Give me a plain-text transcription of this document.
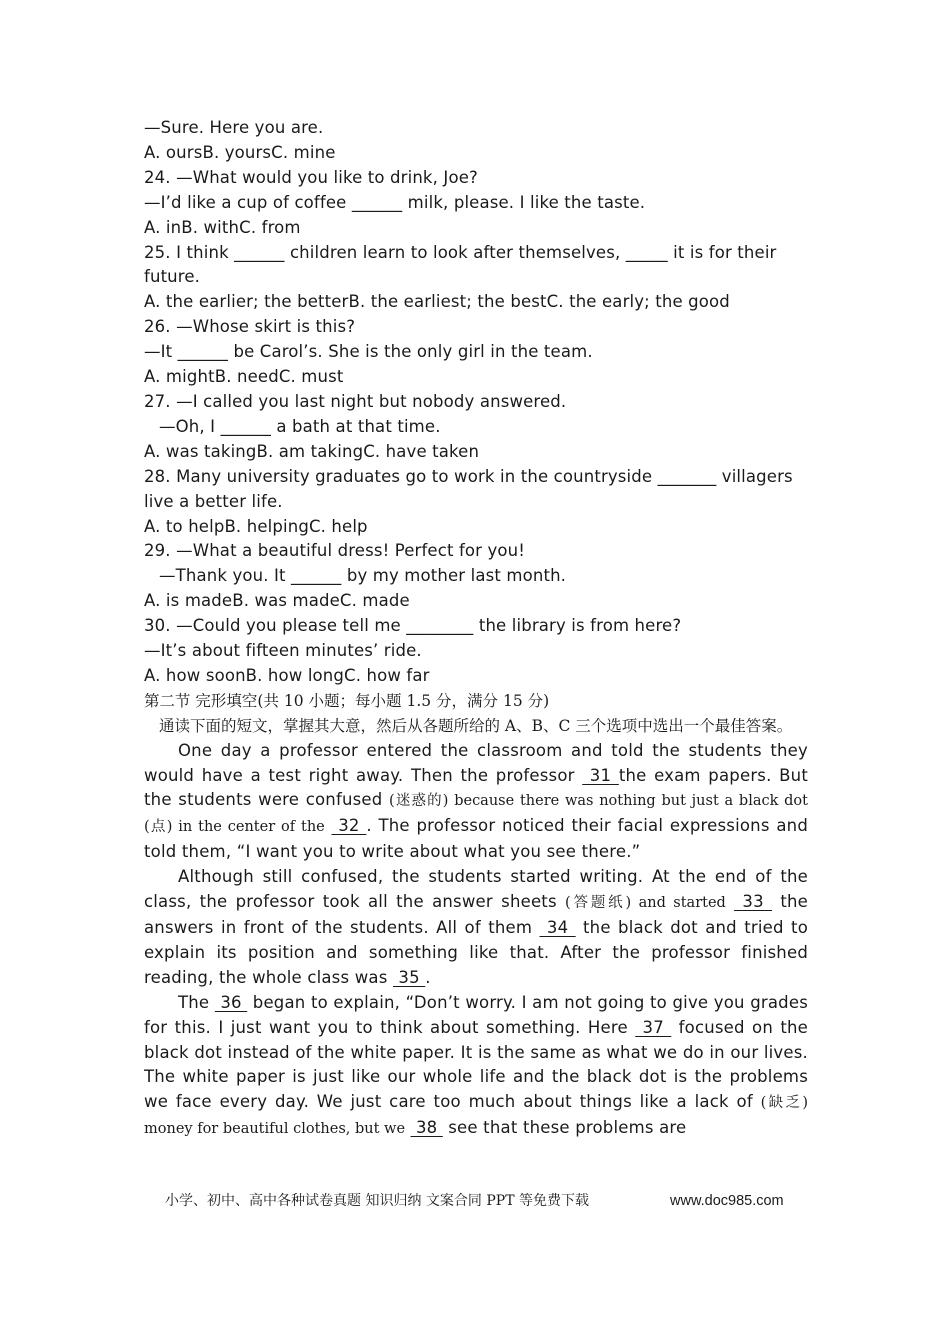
—Sure. Here you are.
A. oursB. yoursC. mine
24. —What would you like to drink, Joe?
—I’d like a cup of coffee ______ milk, please. I like the taste.
A. inB. withC. from
25. I think ______ children learn to look after themselves, _____ it is for their
future.
A. the earlier; the betterB. the earliest; the bestC. the early; the good
26. —Whose skirt is this?
—It ______ be Carol’s. She is the only girl in the team.
A. mightB. needC. must
27. —I called you last night but nobody answered.
—Oh, I ______ a bath at that time.
A. was takingB. am takingC. have taken
28. Many university graduates go to work in the countryside _______ villagers
live a better life.
A. to helpB. helpingC. help
29. —What a beautiful dress! Perfect for you!
—Thank you. It ______ by my mother last month.
A. is madeB. was madeC. made
30. —Could you please tell me ________ the library is from here?
—It’s about fifteen minutes’ ride.
A. how soonB. how longC. how far
第二节 完形填空(共 10 小题；每小题 1.5 分，满分 15 分)
通读下面的短文，掌握其大意，然后从各题所给的 A、B、C 三个选项中选出一个最佳答案。
One day a professor entered the classroom and told the students they would have a test right away. Then the professor  31 the exam papers. But the students were confused (迷惑的) because there was nothing but just a black dot (点) in the center of the  32 . The professor noticed their facial expressions and told them, “I want you to write about what you see there.”
Although still confused, the students started writing. At the end of the class, the professor took all the answer sheets (答题纸) and started  33  the answers in front of the students. All of them  34  the black dot and tried to explain its position and something like that. After the professor finished reading, the whole class was  35 .
The  36  began to explain, “Don’t worry. I am not going to give you grades for this. I just want you to think about something. Here  37  focused on the black dot instead of the white paper. It is the same as what we do in our lives. The white paper is just like our whole life and the black dot is the problems we face every day. We just care too much about things like a lack of (缺乏) money for beautiful clothes, but we  38  see that these problems are
小学、初中、高中各种试卷真题 知识归纳 文案合同 PPT 等免费下载	www.doc985.com
